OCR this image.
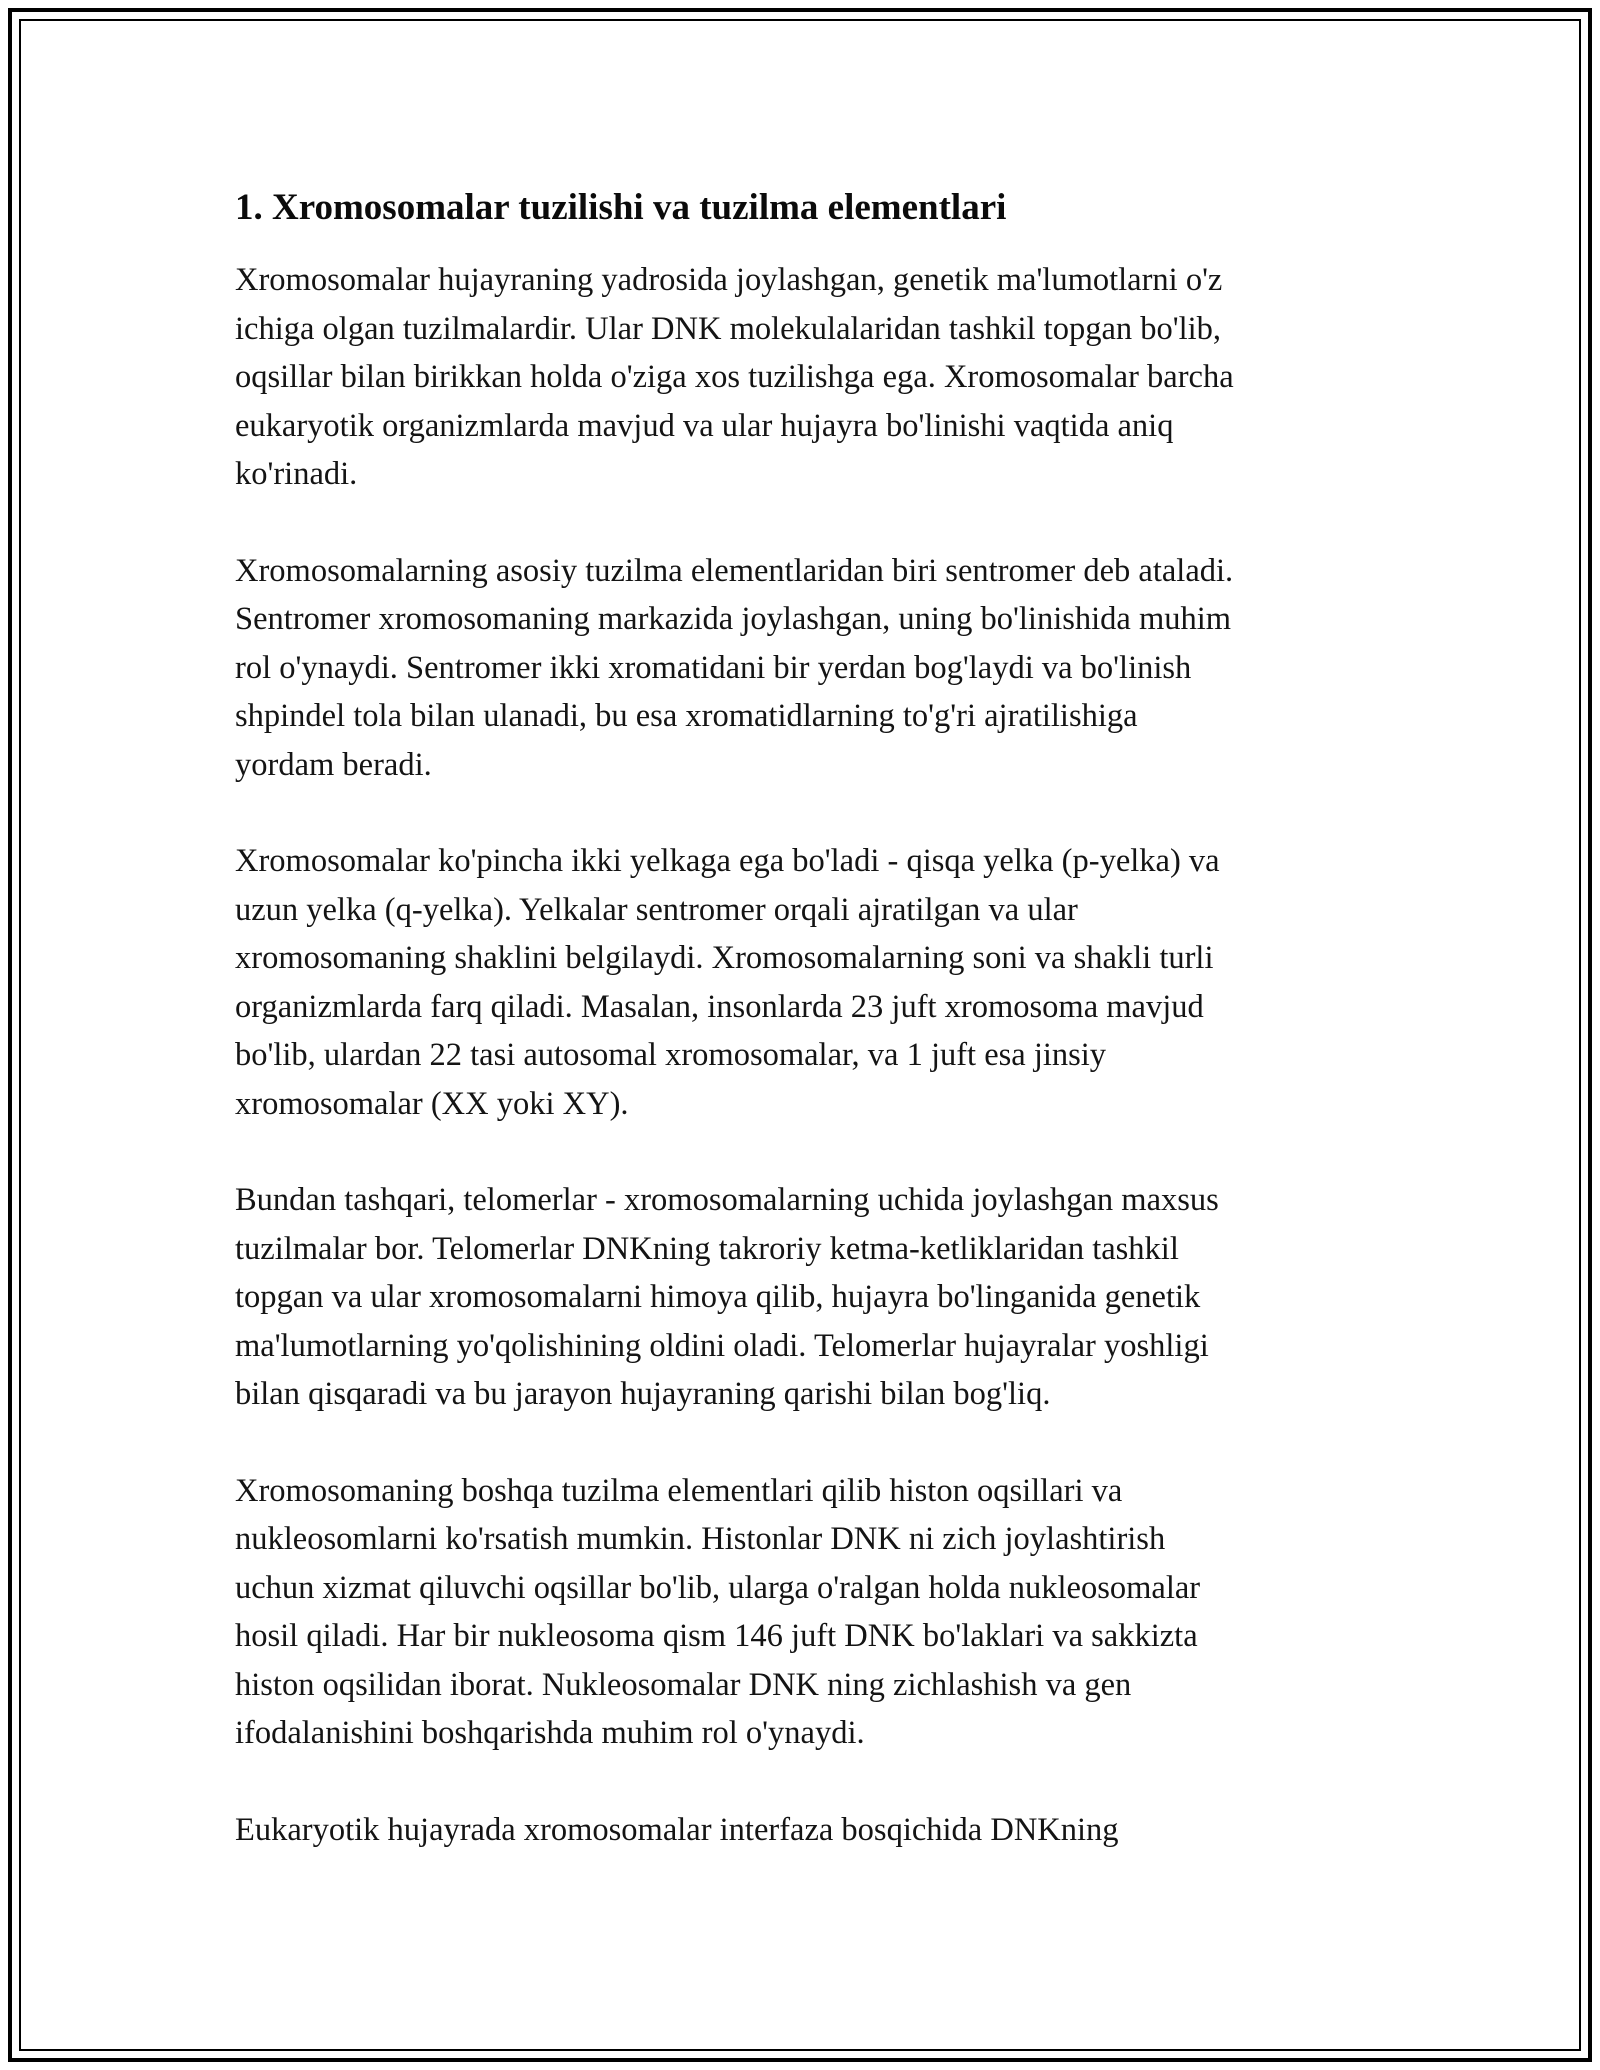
1. Xromosomalar tuzilishi va tuzilma elementlari

Xromosomalar hujayraning yadrosida joylashgan, genetik ma'lumotlarni o'z
ichiga olgan tuzilmalardir. Ular DNK molekulalaridan tashkil topgan bo'lib,
oqsillar bilan birikkan holda o'ziga xos tuzilishga ega. Xromosomalar barcha
eukaryotik organizmlarda mavjud va ular hujayra bo'linishi vaqtida aniq
ko'rinadi.

Xromosomalarning asosiy tuzilma elementlaridan biri sentromer deb ataladi.
Sentromer xromosomaning markazida joylashgan, uning bo'linishida muhim
rol o'ynaydi. Sentromer ikki xromatidani bir yerdan bog'laydi va bo'linish
shpindel tola bilan ulanadi, bu esa xromatidlarning to'g'ri ajratilishiga
yordam beradi.

Xromosomalar ko'pincha ikki yelkaga ega bo'ladi - qisqa yelka (p-yelka) va
uzun yelka (q-yelka). Yelkalar sentromer orqali ajratilgan va ular
xromosomaning shaklini belgilaydi. Xromosomalarning soni va shakli turli
organizmlarda farq qiladi. Masalan, insonlarda 23 juft xromosoma mavjud
bo'lib, ulardan 22 tasi autosomal xromosomalar, va 1 juft esa jinsiy
xromosomalar (XX yoki XY).

Bundan tashqari, telomerlar - xromosomalarning uchida joylashgan maxsus
tuzilmalar bor. Telomerlar DNKning takroriy ketma-ketliklaridan tashkil
topgan va ular xromosomalarni himoya qilib, hujayra bo'linganida genetik
ma'lumotlarning yo'qolishining oldini oladi. Telomerlar hujayralar yoshligi
bilan qisqaradi va bu jarayon hujayraning qarishi bilan bog'liq.

Xromosomaning boshqa tuzilma elementlari qilib histon oqsillari va
nukleosomlarni ko'rsatish mumkin. Histonlar DNK ni zich joylashtirish
uchun xizmat qiluvchi oqsillar bo'lib, ularga o'ralgan holda nukleosomalar
hosil qiladi. Har bir nukleosoma qism 146 juft DNK bo'laklari va sakkizta
histon oqsilidan iborat. Nukleosomalar DNK ning zichlashish va gen
ifodalanishini boshqarishda muhim rol o'ynaydi.

Eukaryotik hujayrada xromosomalar interfaza bosqichida DNKning
